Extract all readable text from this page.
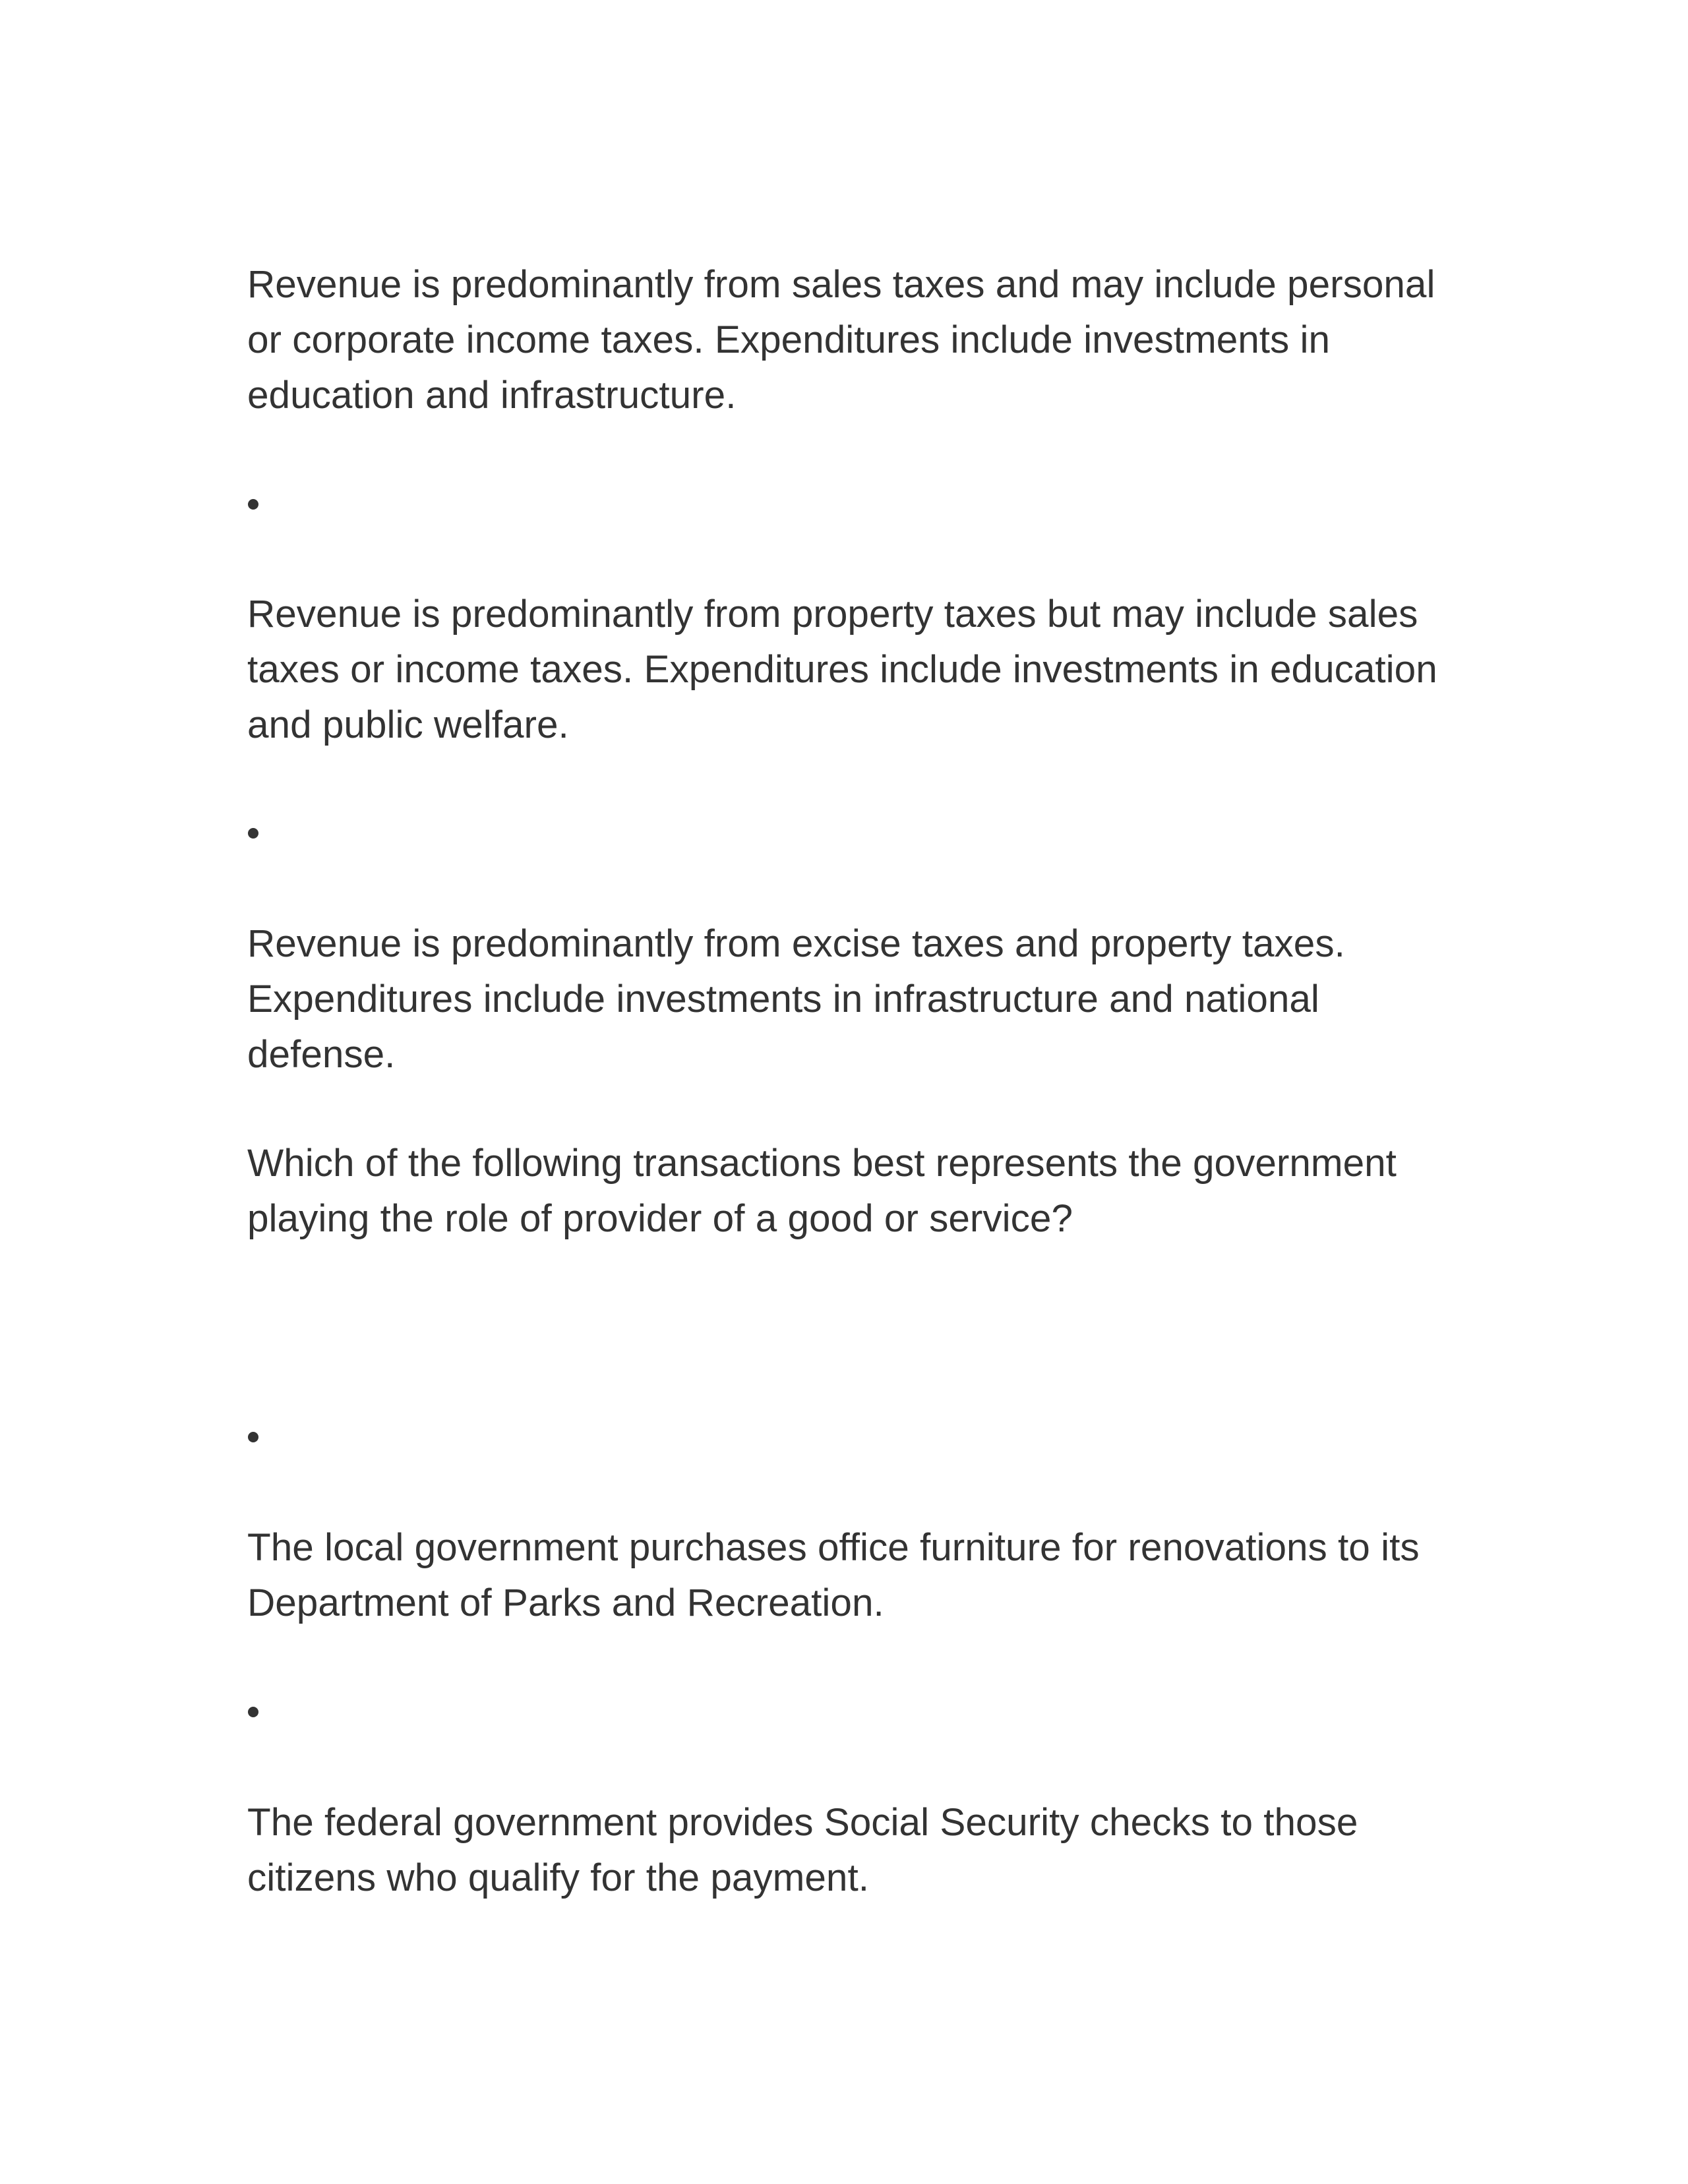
Revenue is predominantly from sales taxes and may include personal or corporate income taxes. Expenditures include investments in education and infrastructure.

Revenue is predominantly from property taxes but may include sales taxes or income taxes. Expenditures include investments in education and public welfare.

Revenue is predominantly from excise taxes and property taxes. Expenditures include investments in infrastructure and national defense.

Which of the following transactions best represents the government playing the role of provider of a good or service?

The local government purchases office furniture for renovations to its Department of Parks and Recreation.

The federal government provides Social Security checks to those citizens who qualify for the payment.
